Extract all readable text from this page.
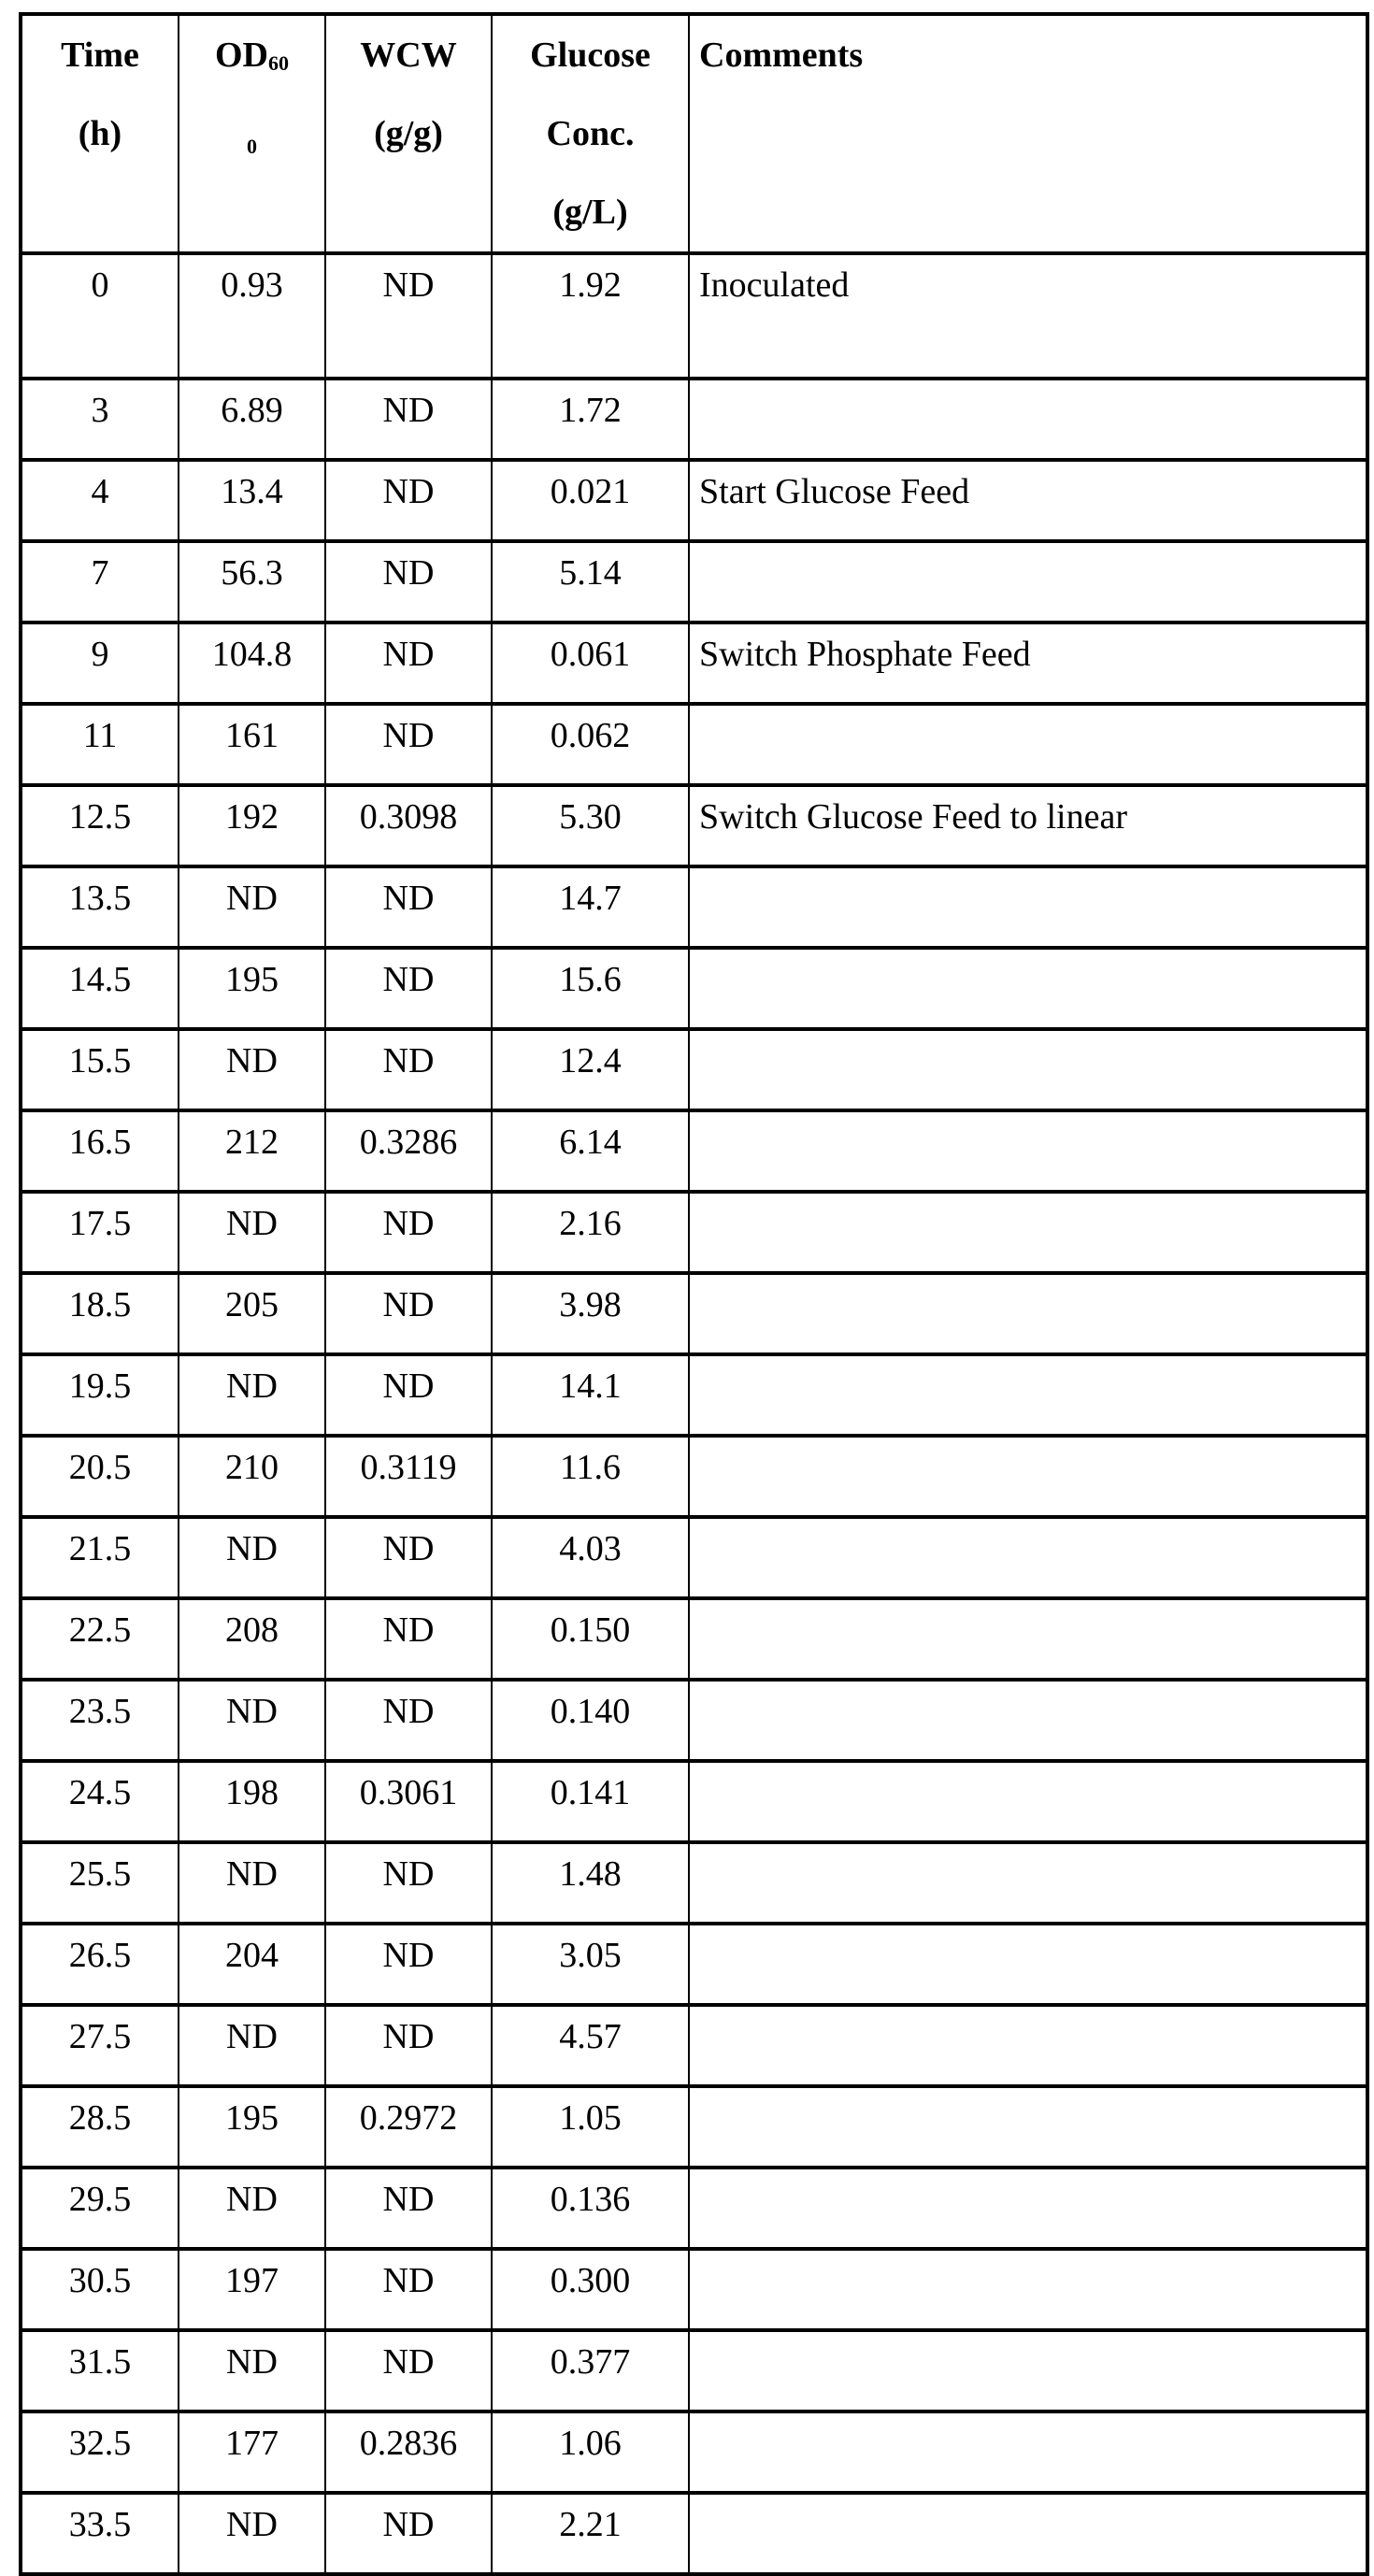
Time
(h)

OD60
0

WCW
(g/g)

Glucose
Conc.
(g/L)
	Comments
0	0.93	ND	1.92	Inoculated
3	6.89	ND	1.72	
4	13.4	ND	0.021	Start Glucose Feed
7	56.3	ND	5.14	
9	104.8	ND	0.061	Switch Phosphate Feed
11	161	ND	0.062	
12.5	192	0.3098	5.30	Switch Glucose Feed to linear
13.5	ND	ND	14.7	
14.5	195	ND	15.6	
15.5	ND	ND	12.4	
16.5	212	0.3286	6.14	
17.5	ND	ND	2.16	
18.5	205	ND	3.98	
19.5	ND	ND	14.1	
20.5	210	0.3119	11.6	
21.5	ND	ND	4.03	
22.5	208	ND	0.150	
23.5	ND	ND	0.140	
24.5	198	0.3061	0.141	
25.5	ND	ND	1.48	
26.5	204	ND	3.05	
27.5	ND	ND	4.57	
28.5	195	0.2972	1.05	
29.5	ND	ND	0.136	
30.5	197	ND	0.300	
31.5	ND	ND	0.377	
32.5	177	0.2836	1.06	
33.5	ND	ND	2.21	
